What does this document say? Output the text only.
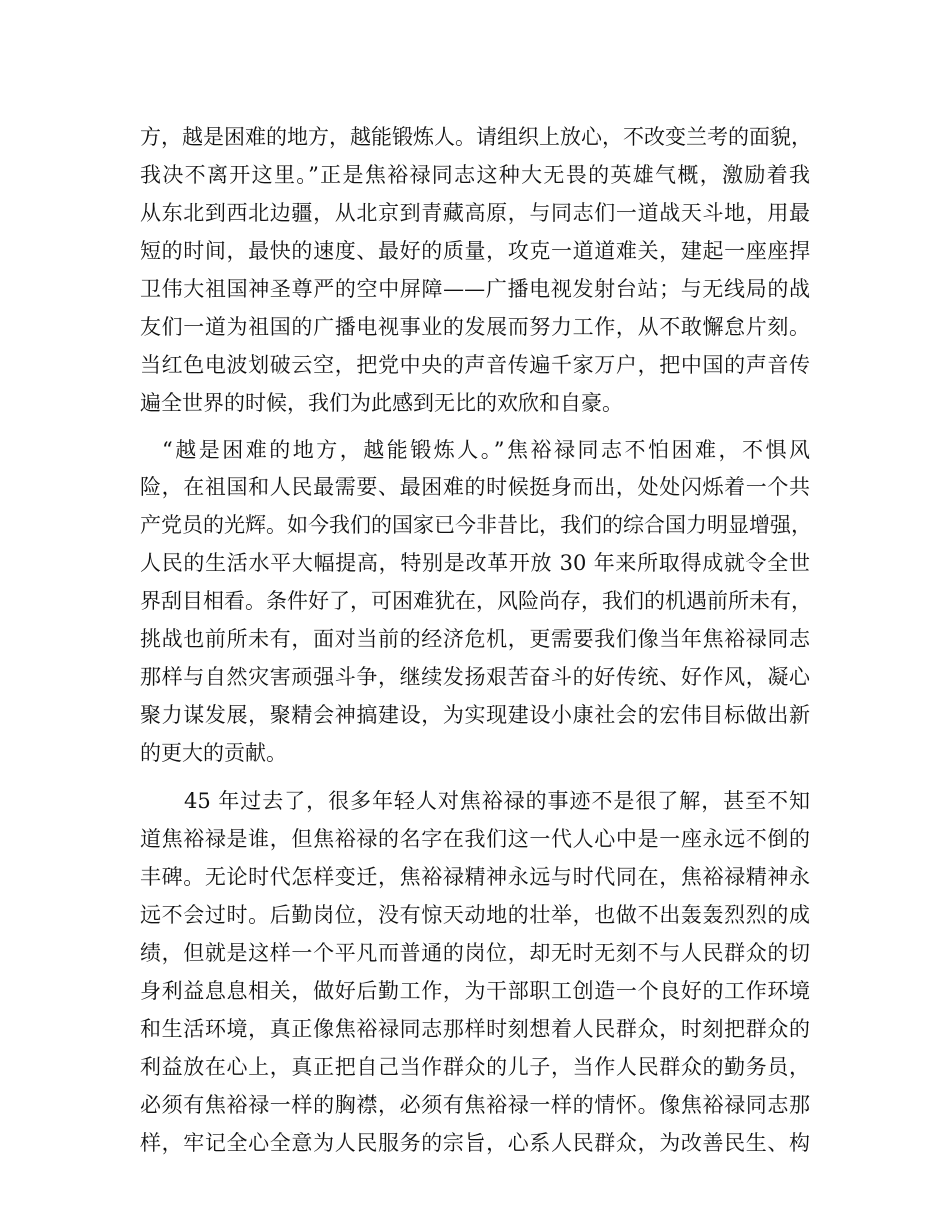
方，越是困难的地方，越能锻炼人。请组织上放心，不改变兰考的面貌，
我决不离开这里。”正是焦裕禄同志这种大无畏的英雄气概，激励着我
从东北到西北边疆，从北京到青藏高原，与同志们一道战天斗地，用最
短的时间，最快的速度、最好的质量，攻克一道道难关，建起一座座捍
卫伟大祖国神圣尊严的空中屏障——广播电视发射台站；与无线局的战
友们一道为祖国的广播电视事业的发展而努力工作，从不敢懈怠片刻。
当红色电波划破云空，把党中央的声音传遍千家万户，把中国的声音传
遍全世界的时候，我们为此感到无比的欢欣和自豪。
“越是困难的地方，越能锻炼人。”焦裕禄同志不怕困难，不惧风
险，在祖国和人民最需要、最困难的时候挺身而出，处处闪烁着一个共
产党员的光辉。如今我们的国家已今非昔比，我们的综合国力明显增强，
人民的生活水平大幅提高，特别是改革开放 30 年来所取得成就令全世
界刮目相看。条件好了，可困难犹在，风险尚存，我们的机遇前所未有，
挑战也前所未有，面对当前的经济危机，更需要我们像当年焦裕禄同志
那样与自然灾害顽强斗争，继续发扬艰苦奋斗的好传统、好作风，凝心
聚力谋发展，聚精会神搞建设，为实现建设小康社会的宏伟目标做出新
的更大的贡献。
45 年过去了，很多年轻人对焦裕禄的事迹不是很了解，甚至不知
道焦裕禄是谁，但焦裕禄的名字在我们这一代人心中是一座永远不倒的
丰碑。无论时代怎样变迁，焦裕禄精神永远与时代同在，焦裕禄精神永
远不会过时。后勤岗位，没有惊天动地的壮举，也做不出轰轰烈烈的成
绩，但就是这样一个平凡而普通的岗位，却无时无刻不与人民群众的切
身利益息息相关，做好后勤工作，为干部职工创造一个良好的工作环境
和生活环境，真正像焦裕禄同志那样时刻想着人民群众，时刻把群众的
利益放在心上，真正把自己当作群众的儿子，当作人民群众的勤务员，
必须有焦裕禄一样的胸襟，必须有焦裕禄一样的情怀。像焦裕禄同志那
样，牢记全心全意为人民服务的宗旨，心系人民群众，为改善民生、构
